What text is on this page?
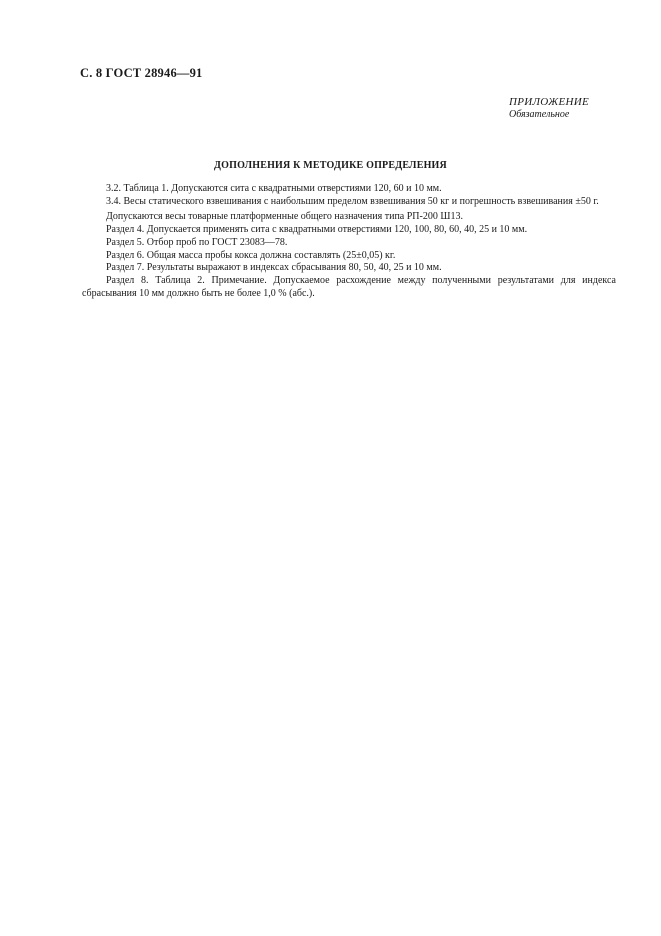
С. 8 ГОСТ 28946—91
ПРИЛОЖЕНИЕ
Обязательное
ДОПОЛНЕНИЯ К МЕТОДИКЕ ОПРЕДЕЛЕНИЯ

3.2. Таблица 1. Допускаются сита с квадратными отверстиями 120, 60 и 10 мм.

3.4. Весы статического взвешивания с наибольшим пределом взвешивания 50 кг и погрешность взвешивания ±50 г.

Допускаются весы товарные платформенные общего назначения типа РП-200 Ш13.

Раздел 4. Допускается применять сита с квадратными отверстиями 120, 100, 80, 60, 40, 25 и 10 мм.

Раздел 5. Отбор проб по ГОСТ 23083—78.

Раздел 6. Общая масса пробы кокса должна составлять (25±0,05) кг.

Раздел 7. Результаты выражают в индексах сбрасывания 80, 50, 40, 25 и 10 мм.

Раздел 8. Таблица 2. Примечание. Допускаемое расхождение между полученными результатами для индекса сбрасывания 10 мм должно быть не более 1,0 % (абс.).
